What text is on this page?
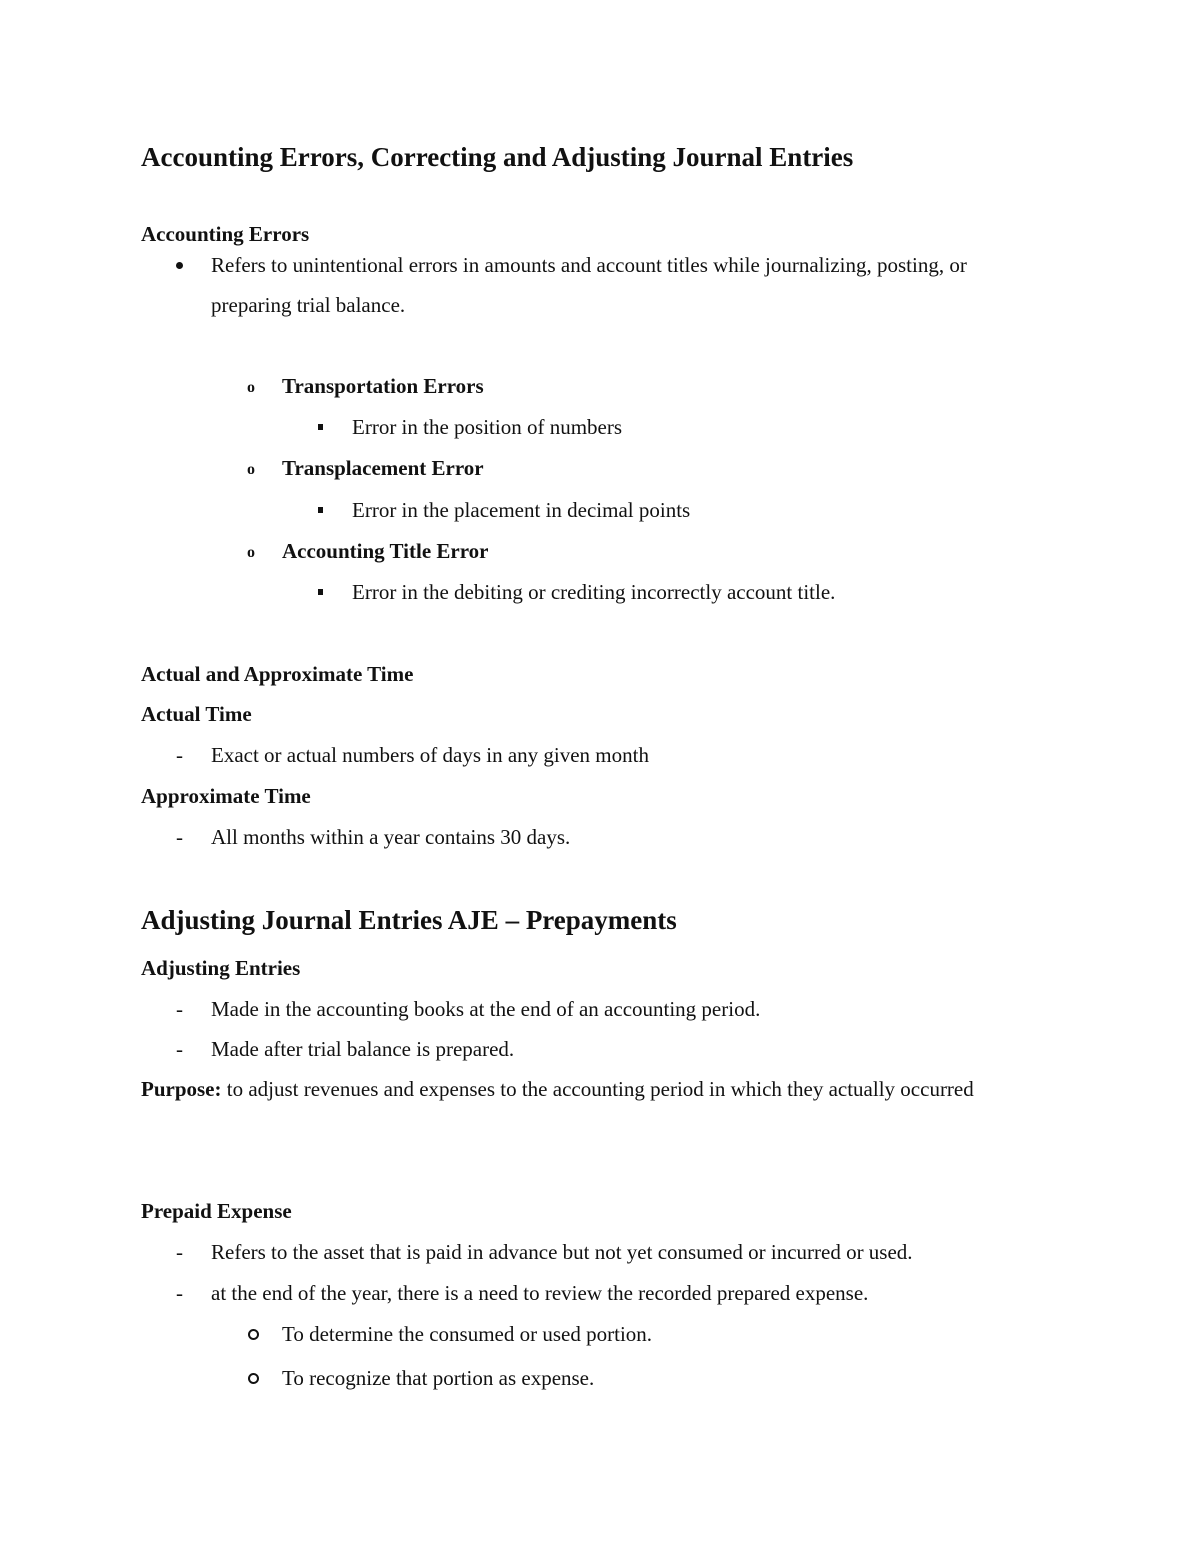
Accounting Errors, Correcting and Adjusting Journal Entries
Accounting Errors
Refers to unintentional errors in amounts and account titles while journalizing, posting, or
preparing trial balance.
o Transportation Errors
Error in the position of numbers
o Transplacement Error
Error in the placement in decimal points
o Accounting Title Error
Error in the debiting or crediting incorrectly account title.
Actual and Approximate Time
Actual Time
- Exact or actual numbers of days in any given month
Approximate Time
- All months within a year contains 30 days.
Adjusting Journal Entries AJE – Prepayments
Adjusting Entries
- Made in the accounting books at the end of an accounting period.
- Made after trial balance is prepared.
Purpose: to adjust revenues and expenses to the accounting period in which they actually occurred
Prepaid Expense
- Refers to the asset that is paid in advance but not yet consumed or incurred or used.
- at the end of the year, there is a need to review the recorded prepared expense.
To determine the consumed or used portion.
To recognize that portion as expense.
